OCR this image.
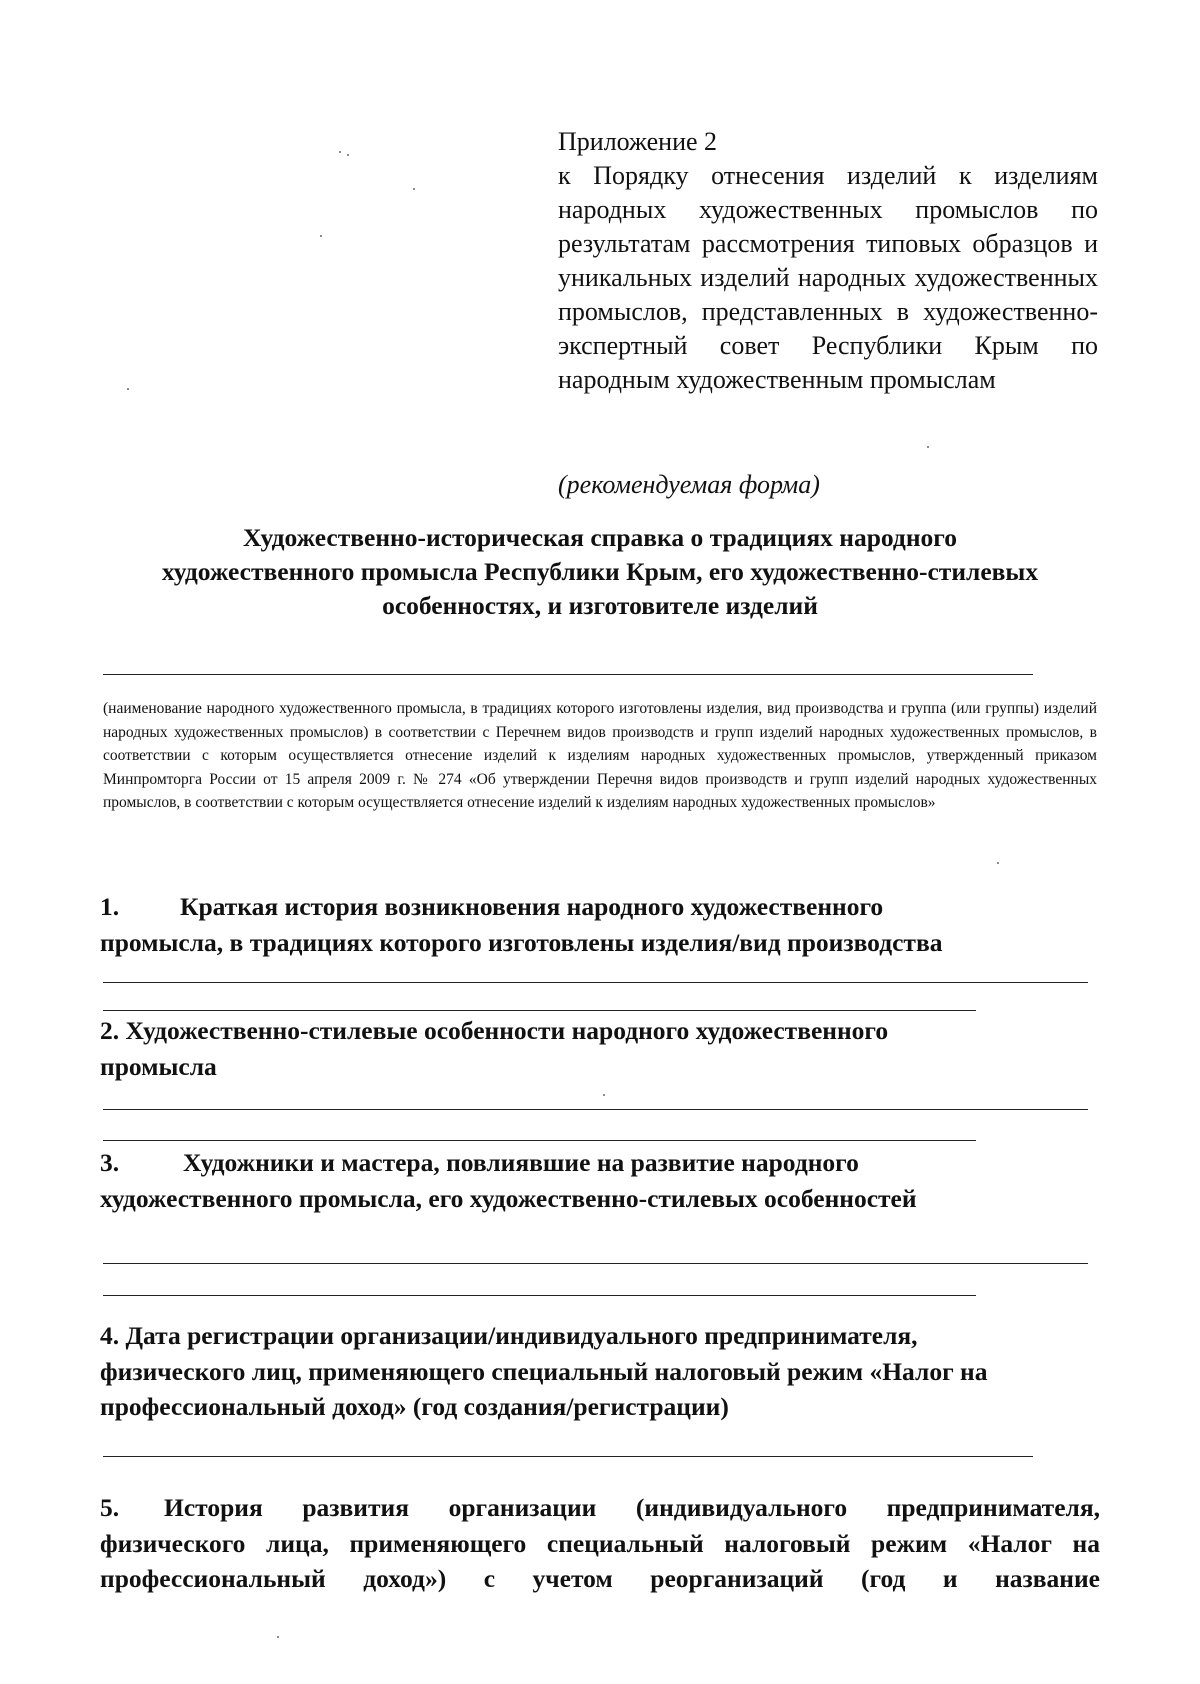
Приложение 2

к Порядку отнесения изделий к изделиям народных художественных промыслов по результатам рассмотрения типовых образцов и уникальных изделий народных художественных промыслов, представленных в художественно-экспертный совет Республики Крым по народным художественным промыслам

(рекомендуемая форма)
Художественно-историческая справка о традициях народного
художественного промысла Республики Крым, его художественно-стилевых
особенностях, и изготовителе изделий

(наименование народного художественного промысла, в традициях которого изготовлены изделия, вид производства и группа (или группы) изделий народных художественных промыслов) в соответствии с Перечнем видов производств и групп изделий народных художественных промыслов, в соответствии с которым осуществляется отнесение изделий к изделиям народных художественных промыслов, утвержденный приказом Минпромторга России от 15 апреля 2009 г. № 274 «Об утверждении Перечня видов производств и групп изделий народных художественных промыслов, в соответствии с которым осуществляется отнесение изделий к изделиям народных художественных промыслов»

1. Краткая история возникновения народного художественного
промысла, в традициях которого изготовлены изделия/вид производства

2. Художественно-стилевые особенности народного художественного
промысла

3.	Художники и мастера, повлиявшие на развитие народного
художественного промысла, его художественно-стилевых особенностей

4. Дата регистрации организации/индивидуального предпринимателя,
физического лиц, применяющего специальный налоговый режим «Налог на
профессиональный доход» (год создания/регистрации)

5. История развития организации (индивидуального предпринимателя,
физического лица, применяющего специальный налоговый режим «Налог на
профессиональный доход») с учетом реорганизаций (год и название
